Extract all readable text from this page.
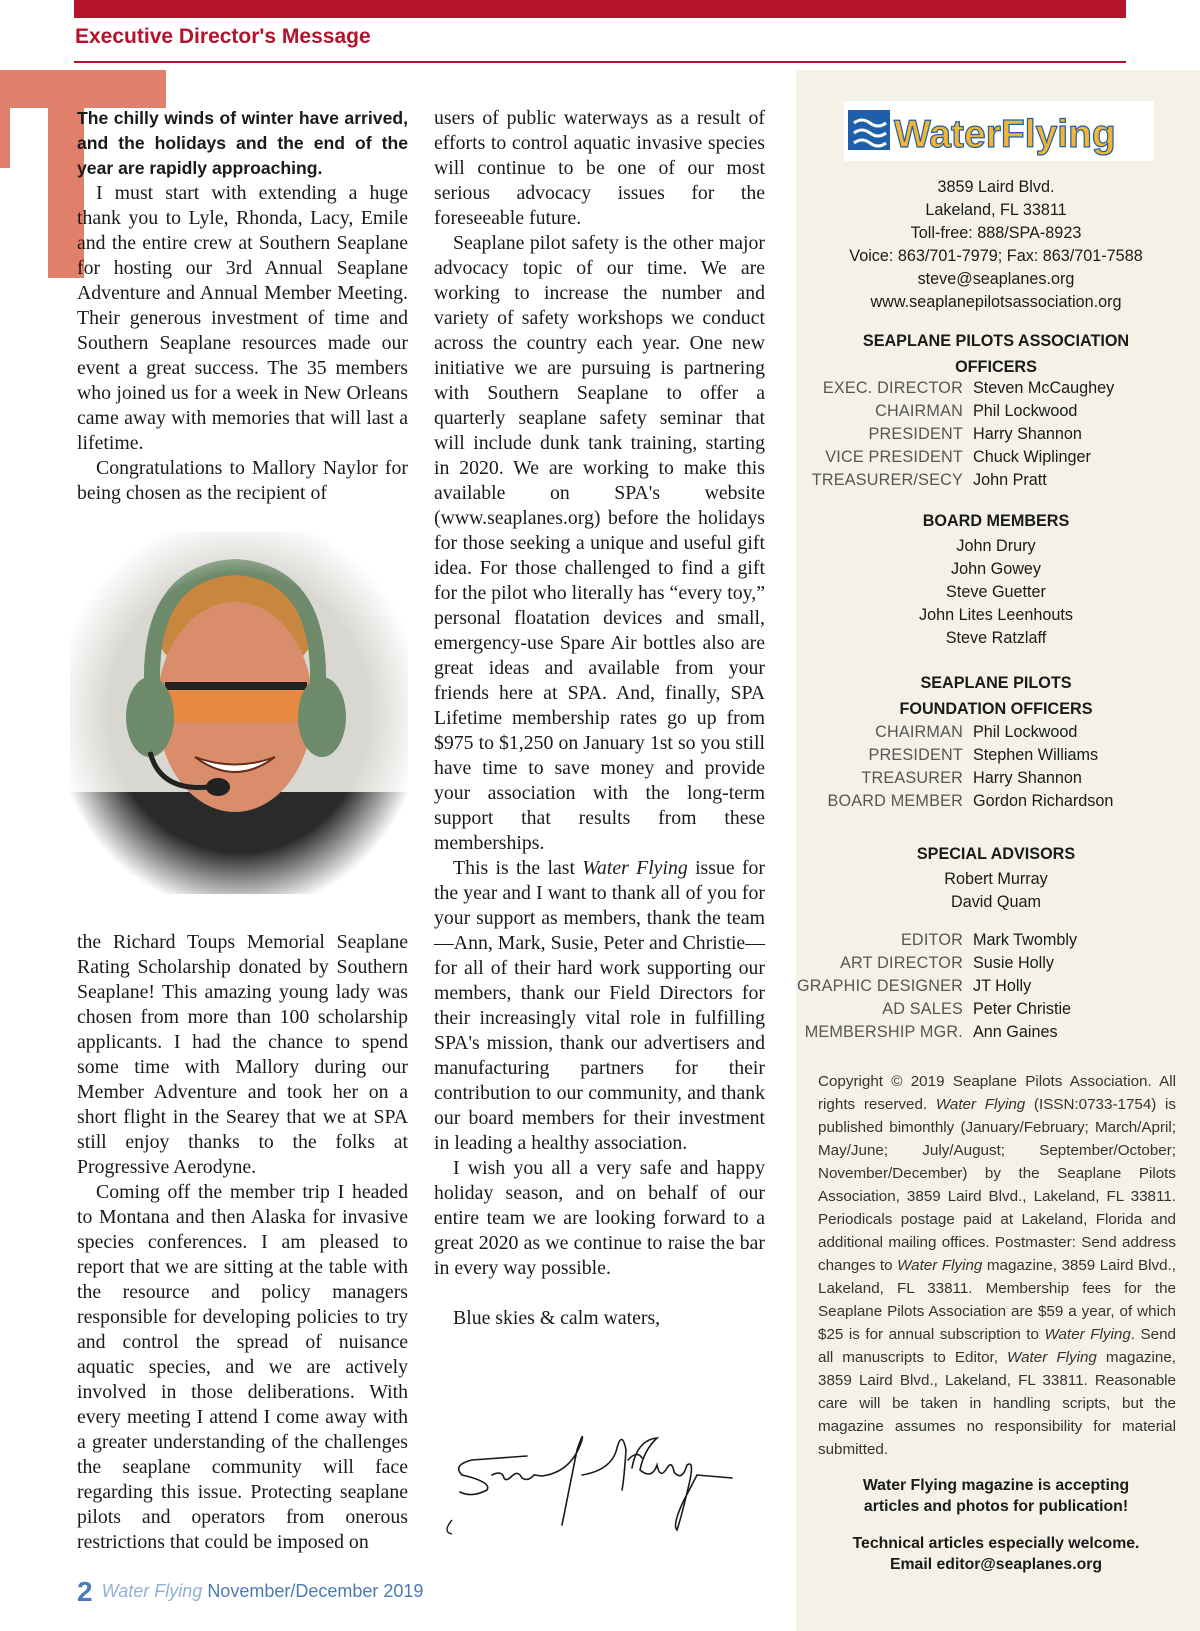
Executive Director's Message

The chilly winds of winter have arrived, and the holidays and the end of the year are rapidly approaching.

I must start with extending a huge thank you to Lyle, Rhonda, Lacy, Emile and the entire crew at Southern Seaplane for hosting our 3rd Annual Seaplane Adventure and Annual Member Meeting. Their generous investment of time and Southern Seaplane resources made our event a great success. The 35 members who joined us for a week in New Orleans came away with memories that will last a lifetime.

Congratulations to Mallory Naylor for being chosen as the recipient of

the Richard Toups Memorial Seaplane Rating Scholarship donated by Southern Seaplane! This amazing young lady was chosen from more than 100 scholarship applicants. I had the chance to spend some time with Mallory during our Member Adventure and took her on a short flight in the Searey that we at SPA still enjoy thanks to the folks at Progressive Aerodyne.

Coming off the member trip I headed to Montana and then Alaska for invasive species conferences. I am pleased to report that we are sitting at the table with the resource and policy managers responsible for developing policies to try and control the spread of nuisance aquatic species, and we are actively involved in those deliberations. With every meeting I attend I come away with a greater understanding of the challenges the seaplane community will face regarding this issue. Protecting seaplane pilots and operators from onerous restrictions that could be imposed on

users of public waterways as a result of efforts to control aquatic invasive species will continue to be one of our most serious advocacy issues for the foreseeable future.

Seaplane pilot safety is the other major advocacy topic of our time. We are working to increase the number and variety of safety workshops we conduct across the country each year. One new initiative we are pursuing is partnering with Southern Seaplane to offer a quarterly seaplane safety seminar that will include dunk tank training, starting in 2020. We are working to make this available on SPA's website (www.seaplanes.org) before the holidays for those seeking a unique and useful gift idea. For those challenged to find a gift for the pilot who literally has “every toy,” personal floatation devices and small, emergency-use Spare Air bottles also are great ideas and available from your friends here at SPA. And, finally, SPA Lifetime membership rates go up from $975 to $1,250 on January 1st so you still have time to save money and provide your association with the long-term support that results from these memberships.

This is the last Water Flying issue for the year and I want to thank all of you for your support as members, thank the team—Ann, Mark, Susie, Peter and Christie—for all of their hard work supporting our members, thank our Field Directors for their increasingly vital role in fulfilling SPA's mission, thank our advertisers and manufacturing partners for their contribution to our community, and thank our board members for their investment in leading a healthy association.

I wish you all a very safe and happy holiday season, and on behalf of our entire team we are looking forward to a great 2020 as we continue to raise the bar in every way possible.

Blue skies & calm waters,

WaterFlying
3859 Laird Blvd.
Lakeland, FL 33811
Toll-free: 888/SPA-8923
Voice: 863/701-7979; Fax: 863/701-7588
steve@seaplanes.org
www.seaplanepilotsassociation.org
SEAPLANE PILOTS ASSOCIATION
OFFICERS
EXEC. DIRECTOR Steven McCaughey
CHAIRMAN Phil Lockwood
PRESIDENT Harry Shannon
VICE PRESIDENT Chuck Wiplinger
TREASURER/SECY John Pratt
BOARD MEMBERS
John Drury
John Gowey
Steve Guetter
John Lites Leenhouts
Steve Ratzlaff
SEAPLANE PILOTS
FOUNDATION OFFICERS
CHAIRMAN Phil Lockwood
PRESIDENT Stephen Williams
TREASURER Harry Shannon
BOARD MEMBER Gordon Richardson
SPECIAL ADVISORS
Robert Murray
David Quam
EDITOR Mark Twombly
ART DIRECTOR Susie Holly
GRAPHIC DESIGNER JT Holly
AD SALES Peter Christie
MEMBERSHIP MGR. Ann Gaines

Copyright © 2019 Seaplane Pilots Association. All rights reserved. Water Flying (ISSN:0733-1754) is published bimonthly (January/February; March/April; May/June; July/August; September/October; November/December) by the Seaplane Pilots Association, 3859 Laird Blvd., Lakeland, FL 33811. Periodicals postage paid at Lakeland, Florida and additional mailing offices. Postmaster: Send address changes to Water Flying magazine, 3859 Laird Blvd., Lakeland, FL 33811. Membership fees for the Seaplane Pilots Association are $59 a year, of which $25 is for annual subscription to Water Flying. Send all manuscripts to Editor, Water Flying magazine, 3859 Laird Blvd., Lakeland, FL 33811. Reasonable care will be taken in handling scripts, but the magazine assumes no responsibility for material submitted.

Water Flying magazine is accepting
articles and photos for publication!
Technical articles especially welcome.
Email editor@seaplanes.org
2 Water Flying November/December 2019
